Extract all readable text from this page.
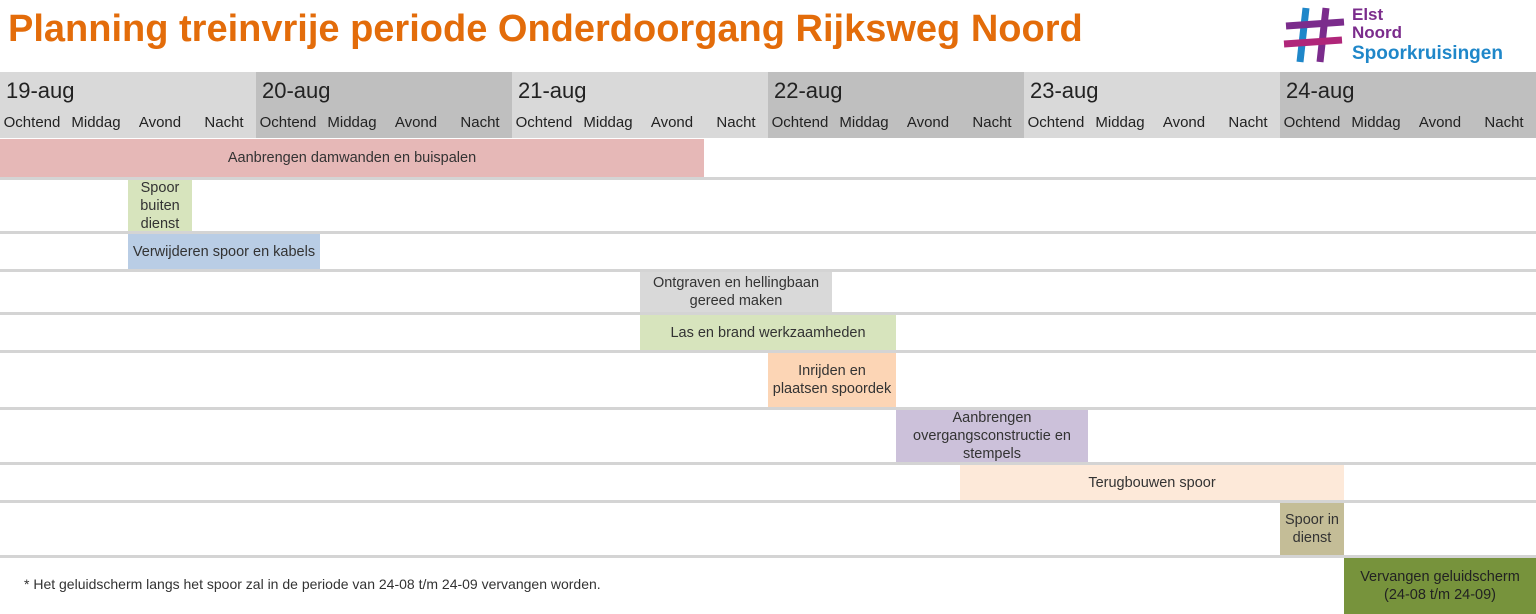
Planning treinvrije periode Onderdoorgang Rijksweg Noord	Elst
Noord
Spoorkruisingen
19-aug
Ochtend Middag	Avond	Nacht
20-aug
Ochtend Middag	Avond	Nacht
21-aug
Ochtend Middag	Avond	Nacht
22-aug
Ochtend Middag	Avond	Nacht
23-aug
Ochtend Middag	Avond	Nacht
24-aug
Ochtend Middag	Avond	Nacht
Aanbrengen damwanden en buispalen
Spoor buiten dienst
Verwijderen spoor en kabels
Ontgraven en hellingbaan gereed maken
Las en brand werkzaamheden
Inrijden en plaatsen spoordek
Aanbrengen overgangsconstructie en stempels
Terugbouwen spoor
Spoor in dienst
Vervangen geluidscherm (24-08 t/m 24-09)
* Het geluidscherm langs het spoor zal in de periode van 24-08 t/m 24-09 vervangen worden.
